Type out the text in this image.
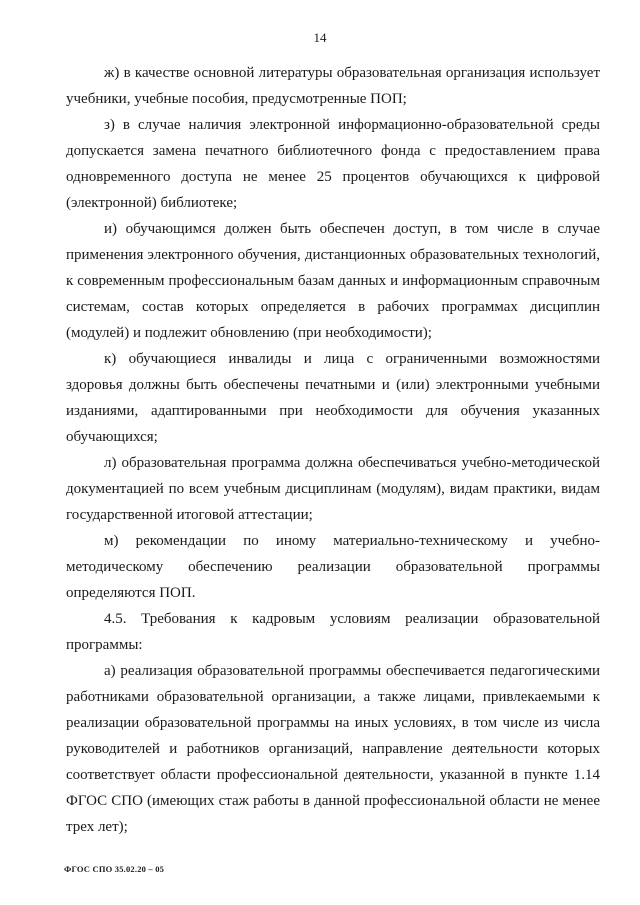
14

ж) в качестве основной литературы образовательная организация использует учебники, учебные пособия, предусмотренные ПОП;

з) в случае наличия электронной информационно-образовательной среды допускается замена печатного библиотечного фонда с предоставлением права одновременного доступа не менее 25 процентов обучающихся к цифровой (электронной) библиотеке;

и) обучающимся должен быть обеспечен доступ, в том числе в случае применения электронного обучения, дистанционных образовательных технологий, к современным профессиональным базам данных и информационным справочным системам, состав которых определяется в рабочих программах дисциплин (модулей) и подлежит обновлению (при необходимости);

к) обучающиеся инвалиды и лица с ограниченными возможностями здоровья должны быть обеспечены печатными и (или) электронными учебными изданиями, адаптированными при необходимости для обучения указанных обучающихся;

л) образовательная программа должна обеспечиваться учебно-методической документацией по всем учебным дисциплинам (модулям), видам практики, видам государственной итоговой аттестации;

м) рекомендации по иному материально-техническому и учебно-методическому обеспечению реализации образовательной программы определяются ПОП.

4.5. Требования к кадровым условиям реализации образовательной программы:

а) реализация образовательной программы обеспечивается педагогическими работниками образовательной организации, а также лицами, привлекаемыми к реализации образовательной программы на иных условиях, в том числе из числа руководителей и работников организаций, направление деятельности которых соответствует области профессиональной деятельности, указанной в пункте 1.14 ФГОС СПО (имеющих стаж работы в данной профессиональной области не менее трех лет);

ФГОС СПО 35.02.20 – 05
